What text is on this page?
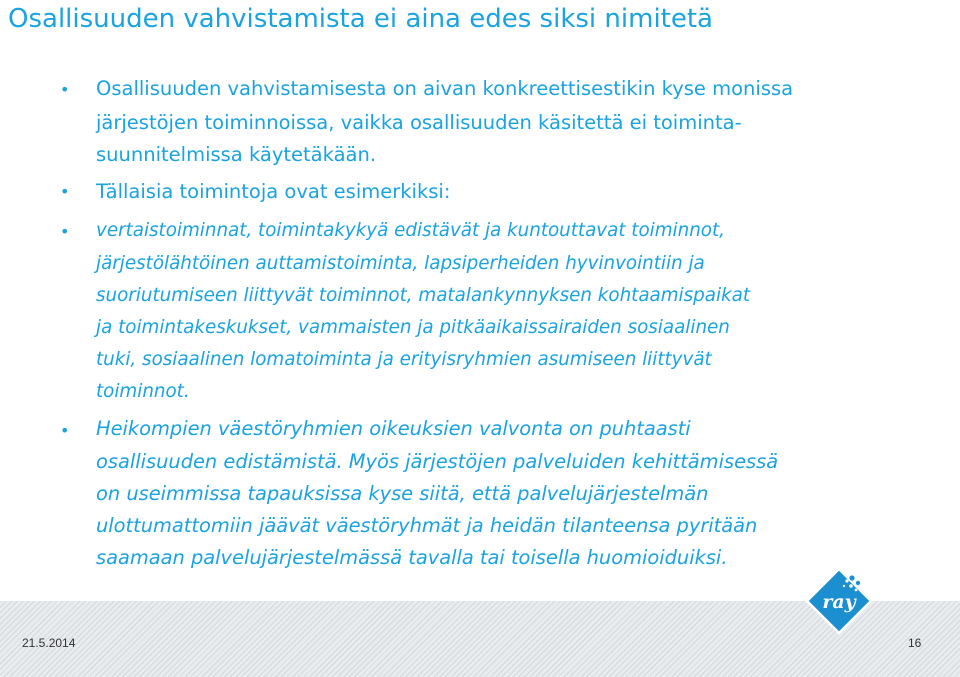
Osallisuuden vahvistamista ei aina edes siksi nimitetä
• Osallisuuden vahvistamisesta on aivan konkreettisestikin kyse monissa
järjestöjen toiminnoissa, vaikka osallisuuden käsitettä ei toiminta-
suunnitelmissa käytetäkään.
• Tällaisia toimintoja ovat esimerkiksi:
• vertaistoiminnat, toimintakykyä edistävät ja kuntouttavat toiminnot,
järjestölähtöinen auttamistoiminta, lapsiperheiden hyvinvointiin ja
suoriutumiseen liittyvät toiminnot, matalankynnyksen kohtaamispaikat
ja toimintakeskukset, vammaisten ja pitkäaikaissairaiden sosiaalinen
tuki, sosiaalinen lomatoiminta ja erityisryhmien asumiseen liittyvät
toiminnot.
• Heikompien väestöryhmien oikeuksien valvonta on puhtaasti
osallisuuden edistämistä. Myös järjestöjen palveluiden kehittämisessä
on useimmissa tapauksissa kyse siitä, että palvelujärjestelmän
ulottumattomiin jäävät väestöryhmät ja heidän tilanteensa pyritään
saamaan palvelujärjestelmässä tavalla tai toisella huomioiduiksi.
ray
21.5.2014	16
